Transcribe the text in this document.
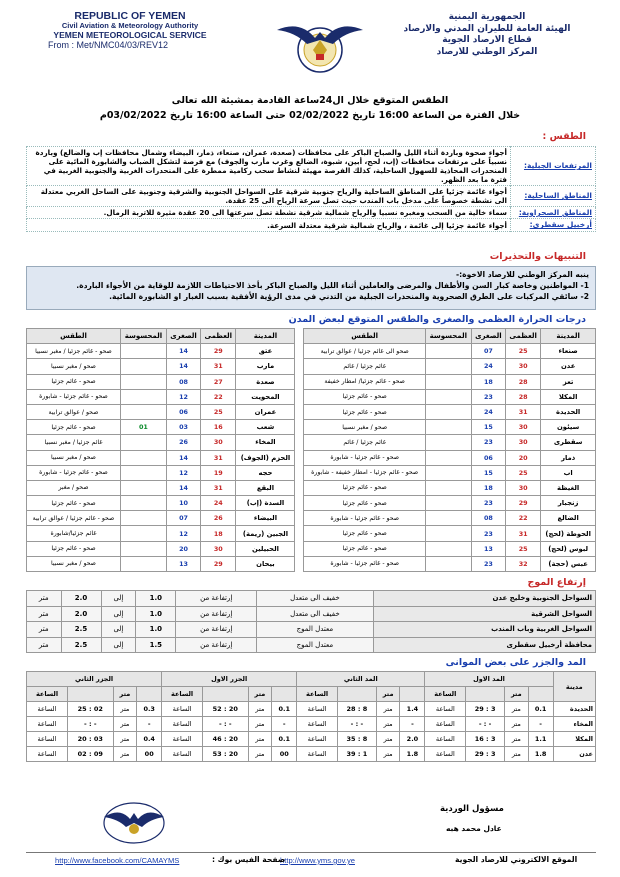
REPUBLIC OF YEMEN
Civil Aviation & Meteorology Authority
YEMEN METEOROLOGICAL SERVICE
From : Met/NMC04/03/REV12
الجمهورية اليمنية
الهيئة العامة للطيران المدني والارصاد
قطاع الارصاد الجوية
المركز الوطني للارصاد
الطقس المتوقع خلال ال24ساعة القادمة بمشيئة الله تعالى
خلال الفترة من الساعة 16:00 تاريخ 02/02/2022 حتى الساعة 16:00 تاريخ 03/02/2022م
الطقس :
المرتفعات الجبلية:	أجواء صحوة وباردة أثناء الليل والصباح الباكر على محافظات (صعدة، عمران، صنعاء، ذمار، البيضاء وشمال محافظات إب والضالع) وباردة نسبياً على مرتفعات محافظات (إب، لحج، أبين، شبوة، الضالع وغرب مأرب والجوف) مع فرصة لتشكل الضباب والشابورة المائية على المنحدرات المحاذية للسهول الساحلية، كذلك الفرصة مهيئة لنشاط سحب ركامية ممطرة على المنحدرات الغربية والجنوبية الغربية في فترة ما بعد الظهر.
المناطق الساحلية:	أجواء غائمة جزئيا على المناطق الساحلية والرياح جنوبية شرقية على السواحل الجنوبية والشرقية وجنوبية على الساحل الغربي معتدلة الى نشطة خصوصاً على مدخل باب المندب حيث تصل سرعة الرياح الى 25 عقدة.
المناطق الصحراوية:	سماء خالية من السحب ومغبره نسبيا والرياح شمالية شرقية نشطة تصل سرعتها الى 20 عقدة مثيرة للاتربة الرمال.
أرخبيل سقطرى:	أجواء غائمة جزئيا إلى غائمة ، والرياح شمالية شرقية معتدلة السرعة.
التنبيهات والتحذيرات
ينبه المركز الوطني للارصاد الاخوة:-
1- المواطنين وخاصة كبار السن والأطفال والمرضى والعاملين أثناء الليل والصباح الباكر بأخذ الاحتياطات اللازمة للوقاية من الأجواء الباردة.
2- سائقي المركبات على الطرق الصحروية والمنحدرات الجبلية من التدني في مدى الرؤية الأفقية بسبب الغبار او الشابورة المائية.
درجات الحرارة العظمى والصغرى والطقس المتوقع لبعض المدن
المدينة	العظمى	الصغرى	المحسوسة	الطقس		المدينة	العظمى	الصغرى	المحسوسة	الطقس
صنعاء	25	07		صحو الى غائم جزئيا / عوالق ترابية		عتق	29	14		صحو - غائم جزئيا / مغبر نسبيا
عدن	30	24		غائم جزئيا / غائم		مارب	31	14		صحو / مغبر نسبيا
تعز	28	18		صحو - غائم جزئيا/ امطار خفيفة		صعدة	27	08		صحو - غائم جزئيا
المكلا	28	23		صحو - غائم جزئيا		المحويت	22	12		صحو - غائم جزئيا - شابورة
الحديدة	31	24		صحو - غائم جزئيا		عمران	25	06		صحو / عوالق ترابية
سيئون	30	15		صحو / مغبر نسبيا		شعب	16	03	01	صحو - غائم جزئيا
سقطرى	30	23		غائم جزئيا / غائم		المخاء	30	26		غائم جزئيا / مغبر نسبيا
ذمار	20	06		صحو - غائم جزئيا - شابورة		الحزم (الجوف)	31	14		صحو / مغبر نسبيا
اب	25	15		صحو - غائم جزئيا - امطار خفيفة - شابورة		حجه	19	12		صحو - غائم جزئيا - شابورة
الغيظة	30	18		صحو - غائم جزئيا		البقع	31	14		صحو / مغبر
زنجبار	29	23		صحو - غائم جزئيا		السدة (إب)	24	10		صحو - غائم جزئيا
الضالع	22	08		صحو - غائم جزئيا - شابورة		البيضاء	26	07		صحو - غائم جزئيا / عوالق ترابية
الحوطة (لحج)	31	23		صحو - غائم جزئيا		الجبين (ريمة)	18	12		غائم جزئيا/شابورة
لبوس (لحج)	25	13		صحو - غائم جزئيا		الحبيلين	30	20		صحو - غائم جزئيا
عبس (حجة)	32	23		صحو - غائم جزئيا - شابورة		بيحان	29	13		صحو / مغبر نسبيا
إرتفاع الموج
السواحل الجنوبية وخليج عدن	خفيف الى متعدل	إرتفاعة من	1.0	إلى	2.0	متر
السواحل الشرقية	خفيف الى متعدل	إرتفاعة من	1.0	إلى	2.0	متر
السواحل الغربية وباب المندب	معتدل الموج	إرتفاعة من	1.0	إلى	2.5	متر
محافظة أرخبيل سقطرى	معتدل الموج	إرتفاعة من	1.5	إلى	2.5	متر
المد والجزر على بعض الموانى
مدينة	المد الاول				المد الثاني				الجزر الاول				الجزر الثاني			
		متر		الساعة		متر		الساعة		متر		الساعة		متر		الساعة
الحديدة	0.1	متر	3 : 29	الساعة	1.4	متر	8 : 28	الساعة	0.1	متر	20 : 52	الساعة	0.3	متر	02 : 25	الساعة
المخاء	-	متر	- : -	الساعة	-	متر	- : -	الساعة	-	متر	- : -	الساعة	-	متر	- : -	الساعة
المكلا	1.1	متر	3 : 16	الساعة	2.0	متر	8 : 35	الساعة	0.1	متر	20 : 46	الساعة	0.4	متر	03 : 20	الساعة
عدن	1.8	متر	3 : 29	الساعة	1.8	متر	1 : 39	الساعة	00	متر	20 : 53	الساعة	00	متر	09 : 02	الساعة
مسؤول الوردية
عادل محمد هبه
الموقع الالكتروني للارصاد الجوية
http://www.yms.gov.ye
صفحة الفيس بوك :
http://www.facebook.com/CAMAYMS
